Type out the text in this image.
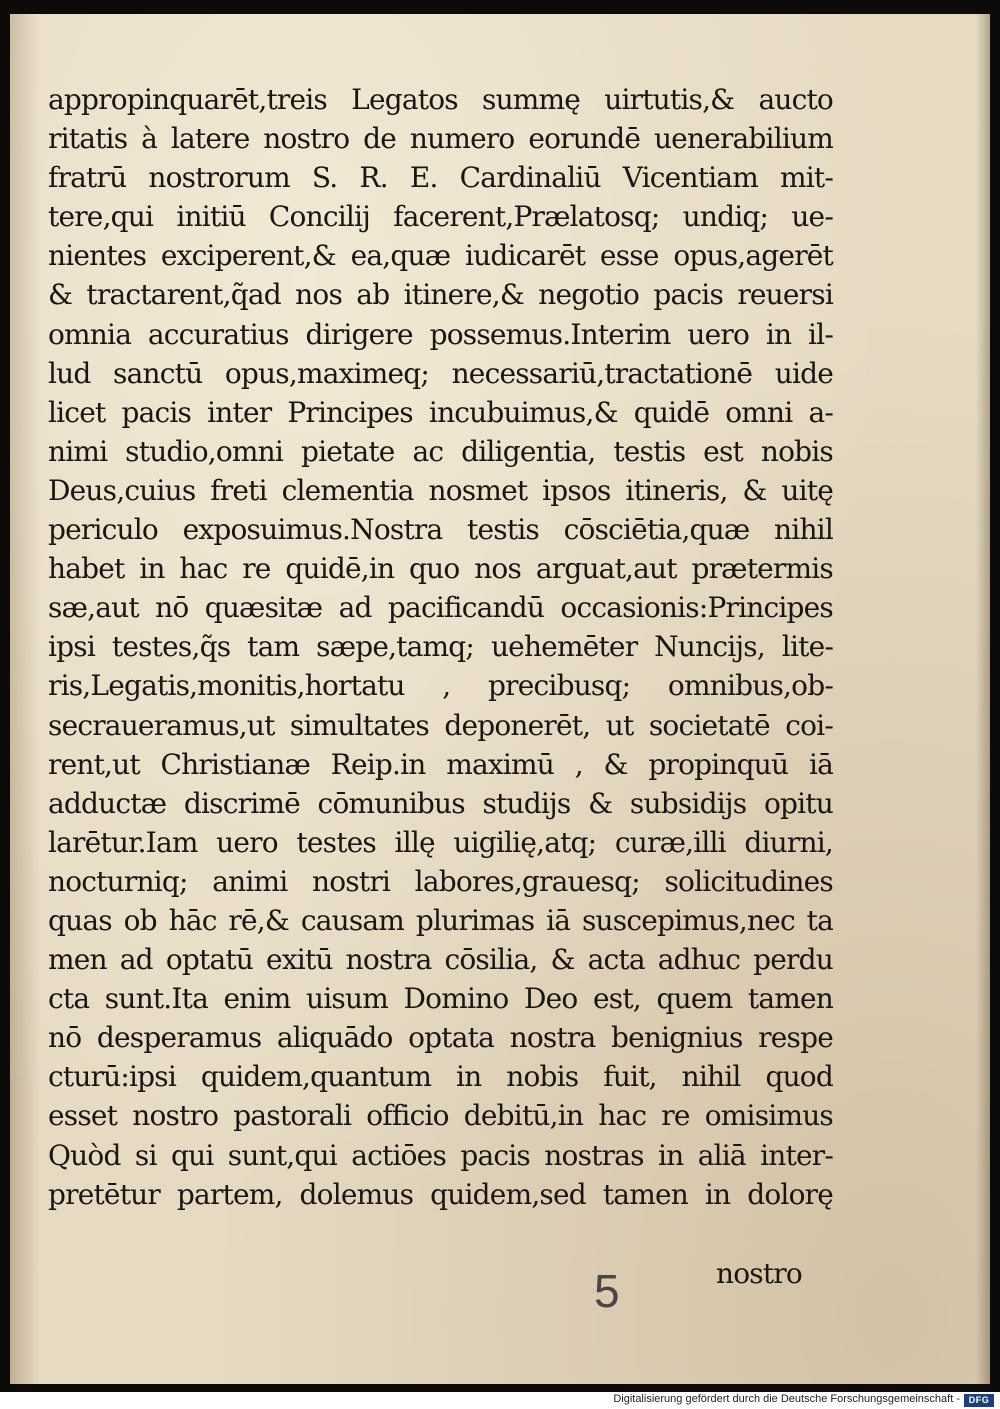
appropinquarēt,treis Legatos summę uirtutis,& aucto
ritatis à latere nostro de numero eorundē uenerabilium
fratrū nostrorum S. R. E. Cardinaliū Vicentiam mit-
tere,qui initiū Concilij facerent,Prælatosq; undiq; ue-
nientes exciperent,& ea,quæ iudicarēt esse opus,agerēt
& tractarent,q̃ad nos ab itinere,& negotio pacis reuersi
omnia accuratius dirigere possemus.Interim uero in il-
lud sanctū opus,maximeq; necessariū,tractationē uide
licet pacis inter Principes incubuimus,& quidē omni a-
nimi studio,omni pietate ac diligentia, testis est nobis
Deus,cuius freti clementia nosmet ipsos itineris, & uitę
periculo exposuimus.Nostra testis cōsciētia,quæ nihil
habet in hac re quidē,in quo nos arguat,aut prætermis
sæ,aut nō quæsitæ ad pacificandū occasionis:Principes
ipsi testes,q̃s tam sæpe,tamq; uehemēter Nuncijs, lite-
ris,Legatis,monitis,hortatu , precibusq; omnibus,ob-
secraueramus,ut simultates deponerēt, ut societatē coi-
rent,ut Christianæ Reip.in maximū , & propinquū iā
adductæ discrimē cōmunibus studijs & subsidijs opitu
larētur.Iam uero testes illę uigilię,atq; curæ,illi diurni,
nocturniq; animi nostri labores,grauesq; solicitudines
quas ob hāc rē,& causam plurimas iā suscepimus,nec ta
men ad optatū exitū nostra cōsilia, & acta adhuc perdu
cta sunt.Ita enim uisum Domino Deo est, quem tamen
nō desperamus aliquādo optata nostra benignius respe
cturū:ipsi quidem,quantum in nobis fuit, nihil quod
esset nostro pastorali officio debitū,in hac re omisimus
Quòd si qui sunt,qui actiōes pacis nostras in aliā inter-
pretētur partem, dolemus quidem,sed tamen in dolorę
5	nostro
Digitalisierung gefördert durch die Deutsche Forschungsgemeinschaft - DFG
